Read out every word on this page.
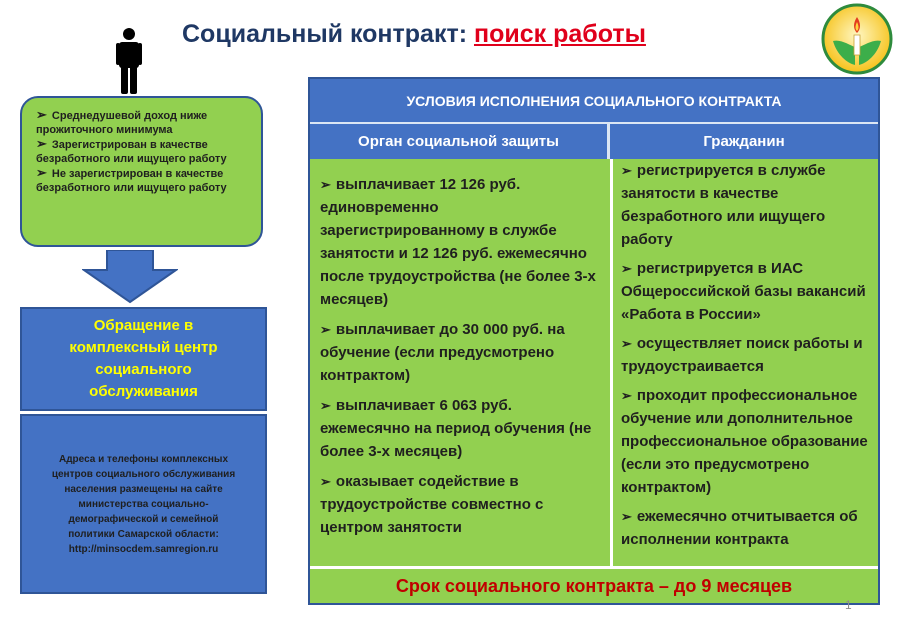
Социальный контракт: поиск работы
➢ Среднедушевой доход ниже прожиточного минимума
➢ Зарегистрирован в качестве безработного или ищущего работу
➢ Не зарегистрирован в качестве безработного или ищущего работу
Обращение в комплексный центр социального обслуживания
Адреса и телефоны комплексных центров социального обслуживания населения размещены на сайте министерства социально-демографической и семейной политики Самарской области: http://minsocdem.samregion.ru
УСЛОВИЯ ИСПОЛНЕНИЯ СОЦИАЛЬНОГО КОНТРАКТА
Орган социальной защиты	Гражданин

➢ выплачивает 12 126 руб. единовременно зарегистрированному в службе занятости и 12 126 руб. ежемесячно после трудоустройства (не более 3-х месяцев)

➢ выплачивает до 30 000 руб. на обучение (если предусмотрено контрактом)

➢ выплачивает 6 063 руб. ежемесячно на период обучения (не более 3-х месяцев)

➢ оказывает содействие в трудоустройстве совместно с центром занятости

➢ регистрируется в службе занятости в качестве безработного или ищущего работу

➢ регистрируется в ИАС Общероссийской базы вакансий «Работа в России»

➢ осуществляет поиск работы и трудоустраивается

➢ проходит профессиональное обучение или дополнительное профессиональное образование (если это предусмотрено контрактом)

➢ ежемесячно отчитывается об исполнении контракта

Срок социального контракта – до 9 месяцев
1
